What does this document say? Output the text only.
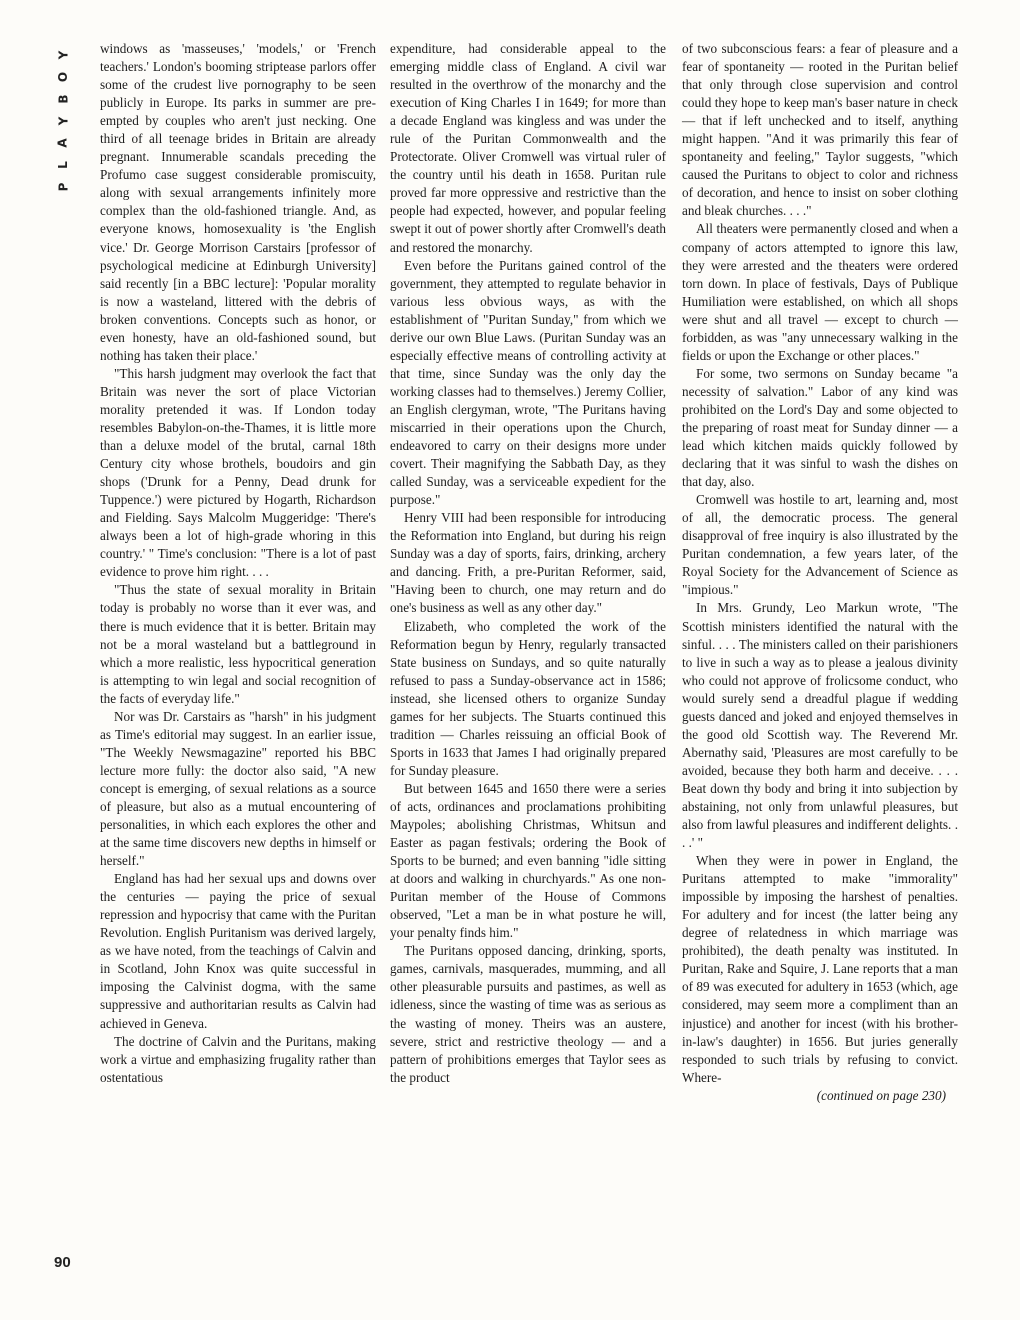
Y
O
B
Y
A
L
P
90

windows as 'masseuses,' 'models,' or 'French teachers.' London's booming striptease parlors offer some of the crudest live pornography to be seen publicly in Europe. Its parks in summer are pre-empted by couples who aren't just necking. One third of all teenage brides in Britain are already pregnant. Innumerable scandals preceding the Profumo case suggest considerable promiscuity, along with sexual arrangements infinitely more complex than the old-fashioned triangle. And, as everyone knows, homosexuality is 'the English vice.' Dr. George Morrison Carstairs [professor of psychological medicine at Edinburgh University] said recently [in a BBC lecture]: 'Popular morality is now a wasteland, littered with the debris of broken conventions. Concepts such as honor, or even honesty, have an old-fashioned sound, but nothing has taken their place.'

"This harsh judgment may overlook the fact that Britain was never the sort of place Victorian morality pretended it was. If London today resembles Babylon-on-the-Thames, it is little more than a deluxe model of the brutal, carnal 18th Century city whose brothels, boudoirs and gin shops ('Drunk for a Penny, Dead drunk for Tuppence.') were pictured by Hogarth, Richardson and Fielding. Says Malcolm Muggeridge: 'There's always been a lot of high-grade whoring in this country.' " Time's conclusion: "There is a lot of past evidence to prove him right. . . .

"Thus the state of sexual morality in Britain today is probably no worse than it ever was, and there is much evidence that it is better. Britain may not be a moral wasteland but a battleground in which a more realistic, less hypocritical generation is attempting to win legal and social recognition of the facts of everyday life."

Nor was Dr. Carstairs as "harsh" in his judgment as Time's editorial may suggest. In an earlier issue, "The Weekly Newsmagazine" reported his BBC lecture more fully: the doctor also said, "A new concept is emerging, of sexual relations as a source of pleasure, but also as a mutual encountering of personalities, in which each explores the other and at the same time discovers new depths in himself or herself."

England has had her sexual ups and downs over the centuries — paying the price of sexual repression and hypocrisy that came with the Puritan Revolution. English Puritanism was derived largely, as we have noted, from the teachings of Calvin and in Scotland, John Knox was quite successful in imposing the Calvinist dogma, with the same suppressive and authoritarian results as Calvin had achieved in Geneva.

The doctrine of Calvin and the Puritans, making work a virtue and emphasizing frugality rather than ostentatious

expenditure, had considerable appeal to the emerging middle class of England. A civil war resulted in the overthrow of the monarchy and the execution of King Charles I in 1649; for more than a decade England was kingless and was under the rule of the Puritan Commonwealth and the Protectorate. Oliver Cromwell was virtual ruler of the country until his death in 1658. Puritan rule proved far more oppressive and restrictive than the people had expected, however, and popular feeling swept it out of power shortly after Cromwell's death and restored the monarchy.

Even before the Puritans gained control of the government, they attempted to regulate behavior in various less obvious ways, as with the establishment of "Puritan Sunday," from which we derive our own Blue Laws. (Puritan Sunday was an especially effective means of controlling activity at that time, since Sunday was the only day the working classes had to themselves.) Jeremy Collier, an English clergyman, wrote, "The Puritans having miscarried in their operations upon the Church, endeavored to carry on their designs more under covert. Their magnifying the Sabbath Day, as they called Sunday, was a serviceable expedient for the purpose."

Henry VIII had been responsible for introducing the Reformation into England, but during his reign Sunday was a day of sports, fairs, drinking, archery and dancing. Frith, a pre-Puritan Reformer, said, "Having been to church, one may return and do one's business as well as any other day."

Elizabeth, who completed the work of the Reformation begun by Henry, regularly transacted State business on Sundays, and so quite naturally refused to pass a Sunday-observance act in 1586; instead, she licensed others to organize Sunday games for her subjects. The Stuarts continued this tradition — Charles reissuing an official Book of Sports in 1633 that James I had originally prepared for Sunday pleasure.

But between 1645 and 1650 there were a series of acts, ordinances and proclamations prohibiting Maypoles; abolishing Christmas, Whitsun and Easter as pagan festivals; ordering the Book of Sports to be burned; and even banning "idle sitting at doors and walking in churchyards." As one non-Puritan member of the House of Commons observed, "Let a man be in what posture he will, your penalty finds him."

The Puritans opposed dancing, drinking, sports, games, carnivals, masquerades, mumming, and all other pleasurable pursuits and pastimes, as well as idleness, since the wasting of time was as serious as the wasting of money. Theirs was an austere, severe, strict and restrictive theology — and a pattern of prohibitions emerges that Taylor sees as the product

of two subconscious fears: a fear of pleasure and a fear of spontaneity — rooted in the Puritan belief that only through close supervision and control could they hope to keep man's baser nature in check — that if left unchecked and to itself, anything might happen. "And it was primarily this fear of spontaneity and feeling," Taylor suggests, "which caused the Puritans to object to color and richness of decoration, and hence to insist on sober clothing and bleak churches. . . ."

All theaters were permanently closed and when a company of actors attempted to ignore this law, they were arrested and the theaters were ordered torn down. In place of festivals, Days of Publique Humiliation were established, on which all shops were shut and all travel — except to church — forbidden, as was "any unnecessary walking in the fields or upon the Exchange or other places."

For some, two sermons on Sunday became "a necessity of salvation." Labor of any kind was prohibited on the Lord's Day and some objected to the preparing of roast meat for Sunday dinner — a lead which kitchen maids quickly followed by declaring that it was sinful to wash the dishes on that day, also.

Cromwell was hostile to art, learning and, most of all, the democratic process. The general disapproval of free inquiry is also illustrated by the Puritan condemnation, a few years later, of the Royal Society for the Advancement of Science as "impious."

In Mrs. Grundy, Leo Markun wrote, "The Scottish ministers identified the natural with the sinful. . . . The ministers called on their parishioners to live in such a way as to please a jealous divinity who could not approve of frolicsome conduct, who would surely send a dreadful plague if wedding guests danced and joked and enjoyed themselves in the good old Scottish way. The Reverend Mr. Abernathy said, 'Pleasures are most carefully to be avoided, because they both harm and deceive. . . . Beat down thy body and bring it into subjection by abstaining, not only from unlawful pleasures, but also from lawful pleasures and indifferent delights. . . .' "

When they were in power in England, the Puritans attempted to make "immorality" impossible by imposing the harshest of penalties. For adultery and for incest (the latter being any degree of relatedness in which marriage was prohibited), the death penalty was instituted. In Puritan, Rake and Squire, J. Lane reports that a man of 89 was executed for adultery in 1653 (which, age considered, may seem more a compliment than an injustice) and another for incest (with his brother-in-law's daughter) in 1656. But juries generally responded to such trials by refusing to convict. Where-

(continued on page 230)
